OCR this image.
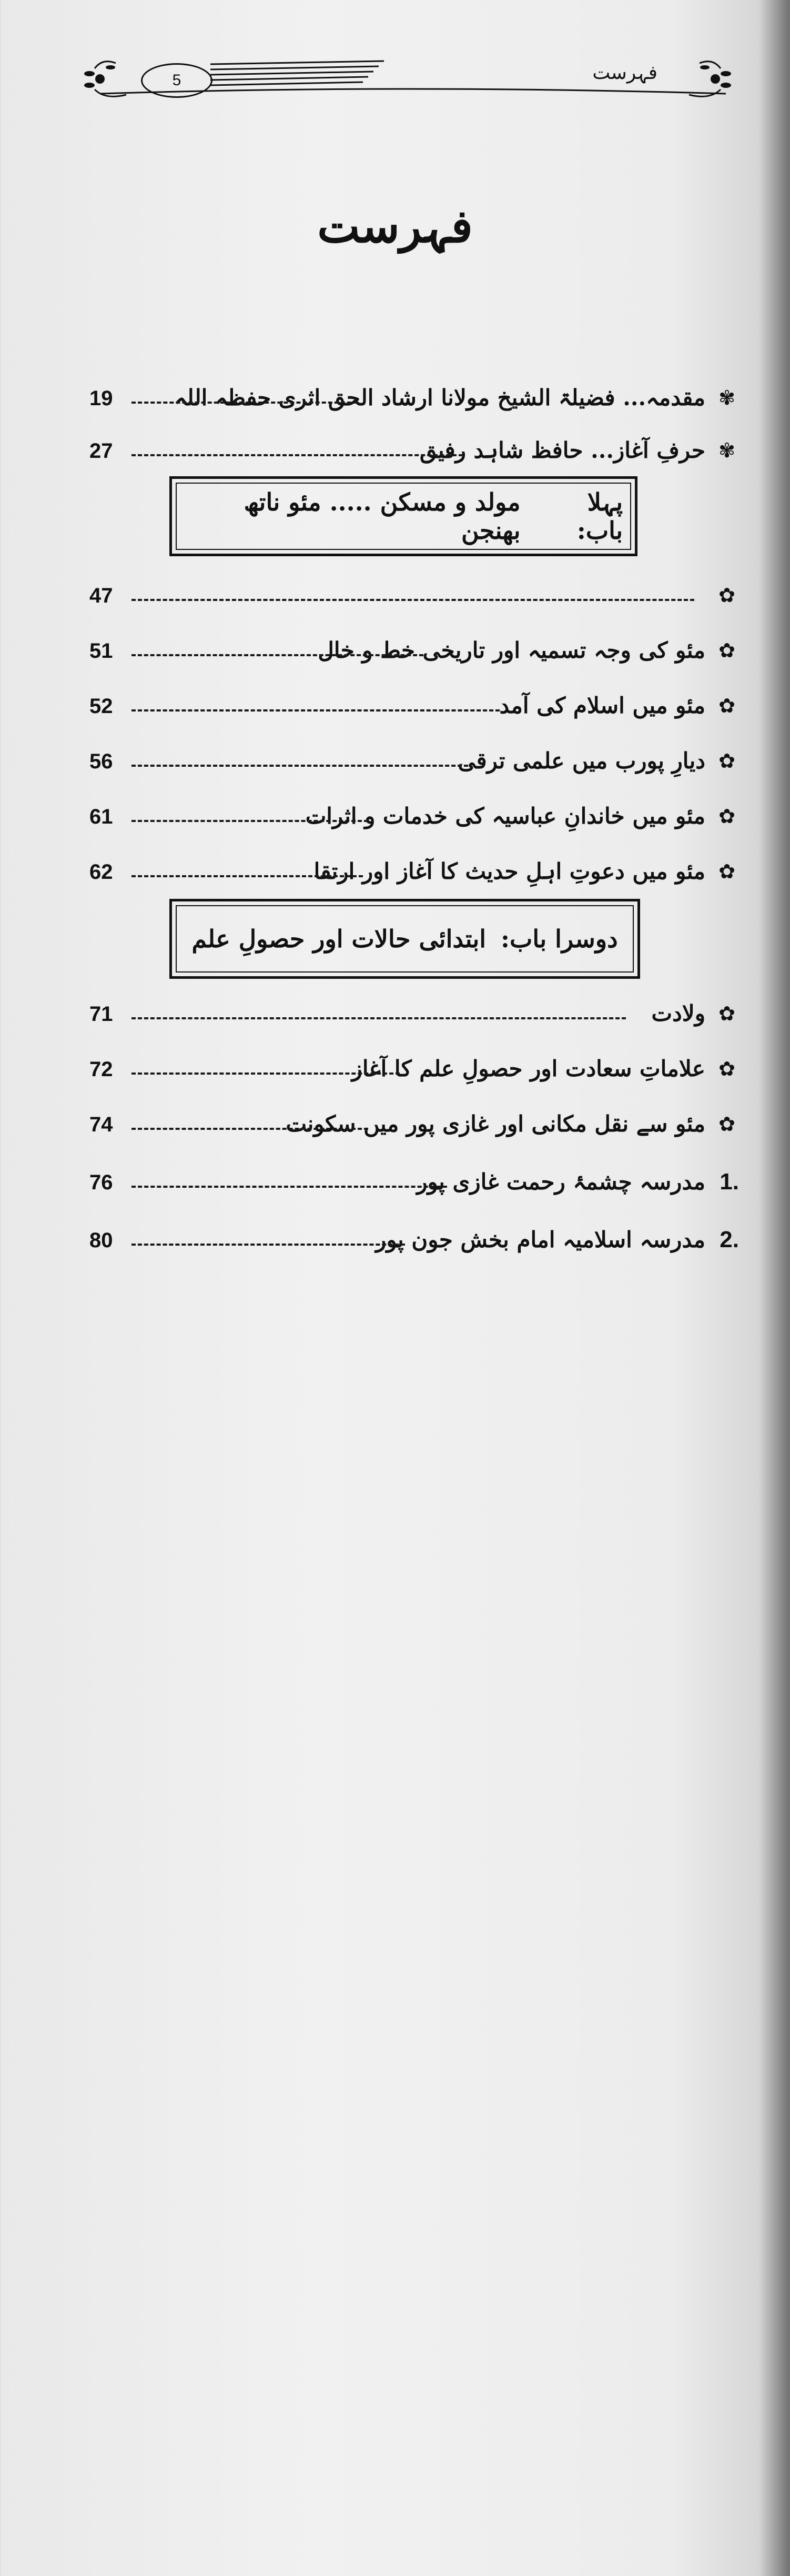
5	فہرست
فہرست
✾
مقدمہ... فضیلۃ الشیخ مولانا ارشاد الحق اثری حفظہ اللہ
19
✾
حرفِ آغاز... حافظ شاہد رفیق
27
پہلا باب:
مولد و مسکن ..... مئو ناتھ بھنجن
✿
47
✿
مئو کی وجہ تسمیہ اور تاریخی خط و خال
51
✿
مئو میں اسلام کی آمد
52
✿
دیارِ پورب میں علمی ترقی
56
✿
مئو میں خاندانِ عباسیہ کی خدمات و اثرات
61
✿
مئو میں دعوتِ اہلِ حدیث کا آغاز اور ارتقا
62
دوسرا باب:
ابتدائی حالات اور حصولِ علم
✿
ولادت
71
✿
علاماتِ سعادت اور حصولِ علم کا آغاز
72
✿
مئو سے نقل مکانی اور غازی پور میں سکونت
74
1.
مدرسہ چشمۂ رحمت غازی پور
76
2.
مدرسہ اسلامیہ امام بخش جون پور
80
